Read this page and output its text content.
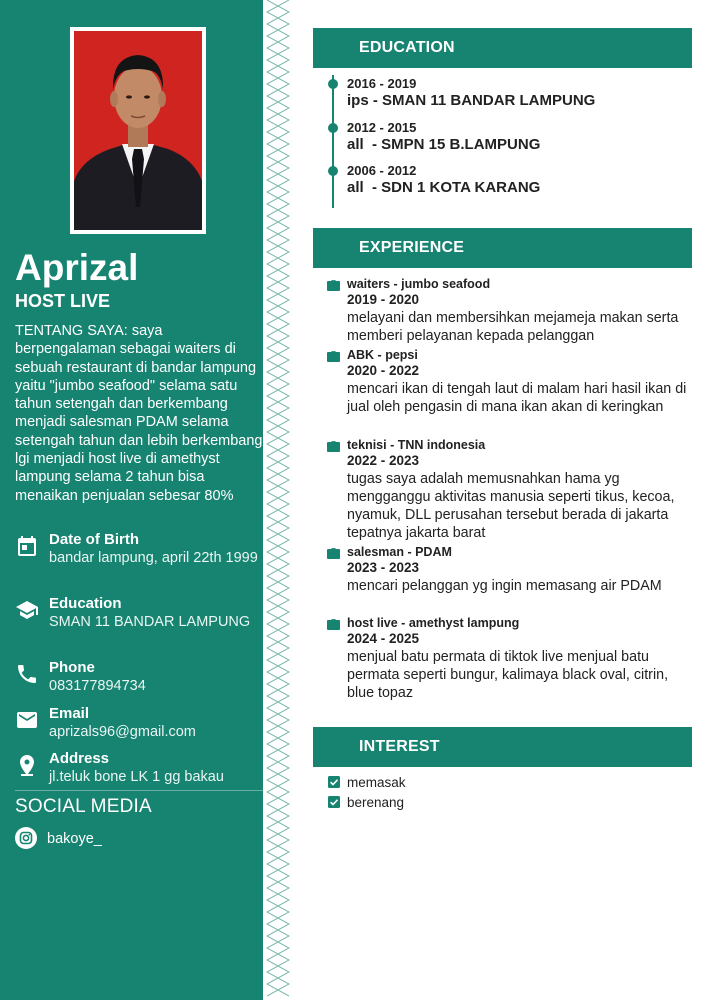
Aprizal
HOST LIVE
TENTANG SAYA: saya berpengalaman sebagai waiters di sebuah restaurant di bandar lampung yaitu "jumbo seafood" selama satu tahun setengah dan berkembang menjadi salesman PDAM selama setengah tahun dan lebih berkembang lgi menjadi host live di amethyst lampung selama 2 tahun bisa menaikan penjualan sebesar 80%
Date of Birth
bandar lampung, april 22th 1999
Education
SMAN 11 BANDAR LAMPUNG
Phone
083177894734
Email
aprizals96@gmail.com
Address
jl.teluk bone LK 1 gg bakau
SOCIAL MEDIA
bakoye_
EDUCATION
2016 - 2019
ips - SMAN 11 BANDAR LAMPUNG
2012 - 2015
all  - SMPN 15 B.LAMPUNG
2006 - 2012
all  - SDN 1 KOTA KARANG
EXPERIENCE
waiters - jumbo seafood
2019 - 2020
melayani dan membersihkan mejameja makan serta memberi pelayanan kepada pelanggan
ABK - pepsi
2020 - 2022
mencari ikan di tengah laut di malam hari hasil ikan di jual oleh pengasin di mana ikan akan di keringkan
teknisi - TNN indonesia
2022 - 2023
tugas saya adalah memusnahkan hama yg mengganggu aktivitas manusia seperti tikus, kecoa, nyamuk, DLL perusahan tersebut berada di jakarta tepatnya jakarta barat
salesman - PDAM
2023 - 2023
mencari pelanggan yg ingin memasang air PDAM
host live - amethyst lampung
2024 - 2025
menjual batu permata di tiktok live menjual batu permata seperti bungur, kalimaya black oval, citrin, blue topaz
INTEREST
memasak
berenang
